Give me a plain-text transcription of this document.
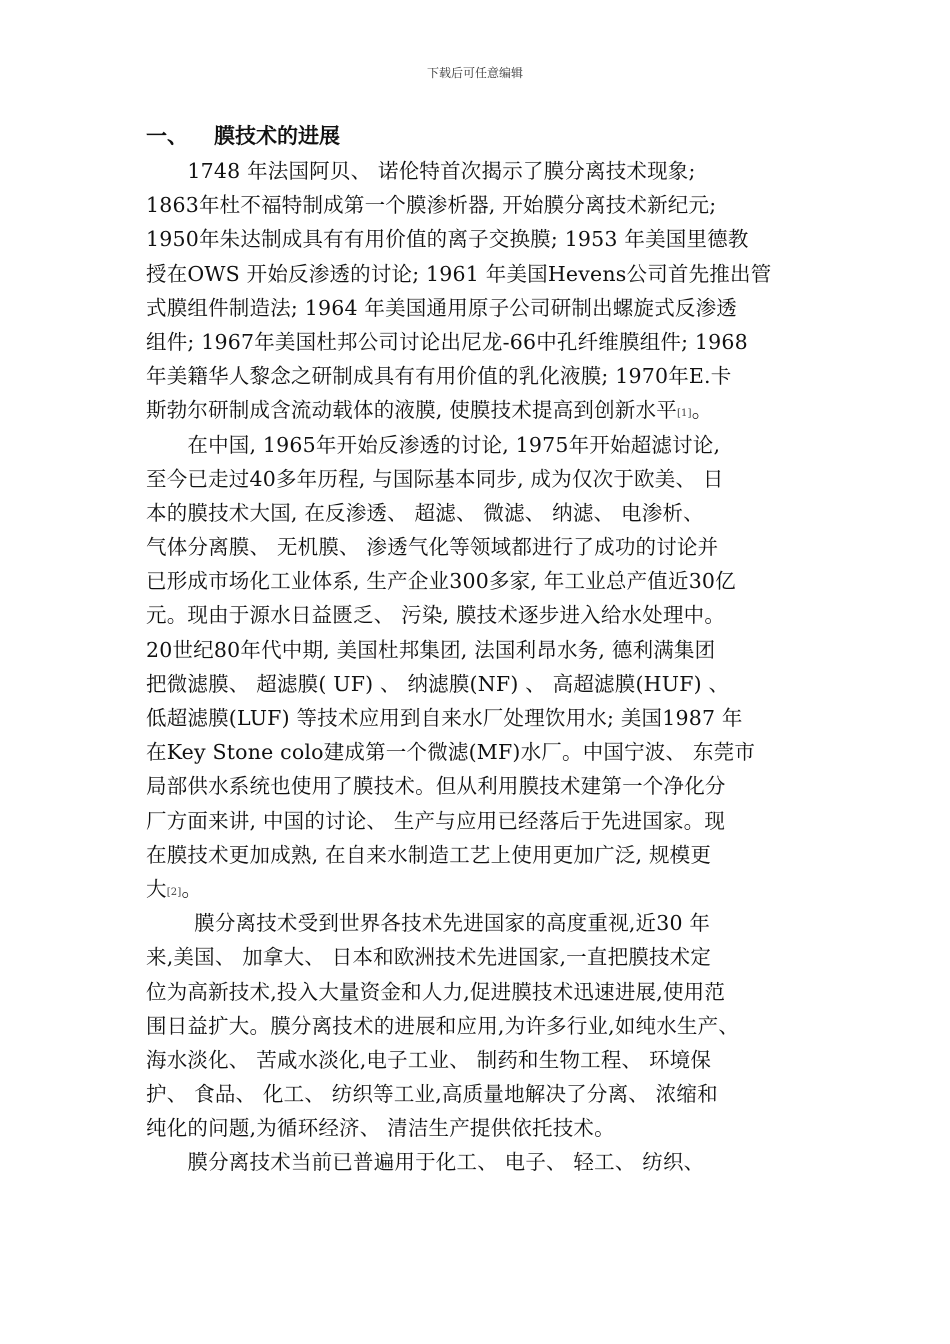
下载后可任意编辑
一、 膜技术的进展

　　1748 年法国阿贝、 诺伦特首次揭示了膜分离技术现象;
1863年杜不福特制成第一个膜渗析器, 开始膜分离技术新纪元;
1950年朱达制成具有有用价值的离子交换膜; 1953 年美国里德教
授在OWS 开始反渗透的讨论; 1961 年美国Hevens公司首先推出管
式膜组件制造法; 1964 年美国通用原子公司研制出螺旋式反渗透
组件; 1967年美国杜邦公司讨论出尼龙-66中孔纤维膜组件; 1968
年美籍华人黎念之研制成具有有用价值的乳化液膜; 1970年E.卡
斯勃尔研制成含流动载体的液膜, 使膜技术提高到创新水平[1]。

　　在中国, 1965年开始反渗透的讨论, 1975年开始超滤讨论,
至今已走过40多年历程, 与国际基本同步, 成为仅次于欧美、 日
本的膜技术大国, 在反渗透、 超滤、 微滤、 纳滤、 电渗析、
气体分离膜、 无机膜、 渗透气化等领域都进行了成功的讨论并
已形成市场化工业体系, 生产企业300多家, 年工业总产值近30亿
元。现由于源水日益匮乏、 污染, 膜技术逐步进入给水处理中。
20世纪80年代中期, 美国杜邦集团, 法国利昂水务, 德利满集团
把微滤膜、 超滤膜( UF) 、 纳滤膜(NF) 、 高超滤膜(HUF) 、
低超滤膜(LUF) 等技术应用到自来水厂处理饮用水; 美国1987 年
在Key Stone colo建成第一个微滤(MF)水厂。中国宁波、 东莞市
局部供水系统也使用了膜技术。但从利用膜技术建第一个净化分
厂方面来讲, 中国的讨论、 生产与应用已经落后于先进国家。现
在膜技术更加成熟, 在自来水制造工艺上使用更加广泛, 规模更
大[2]。

　　 膜分离技术受到世界各技术先进国家的高度重视,近30 年
来,美国、 加拿大、 日本和欧洲技术先进国家,一直把膜技术定
位为高新技术,投入大量资金和人力,促进膜技术迅速进展,使用范
围日益扩大。膜分离技术的进展和应用,为许多行业,如纯水生产、
海水淡化、 苦咸水淡化,电子工业、 制药和生物工程、 环境保
护、 食品、 化工、 纺织等工业,高质量地解决了分离、 浓缩和
纯化的问题,为循环经济、 清洁生产提供依托技术。

　　膜分离技术当前已普遍用于化工、 电子、 轻工、 纺织、
